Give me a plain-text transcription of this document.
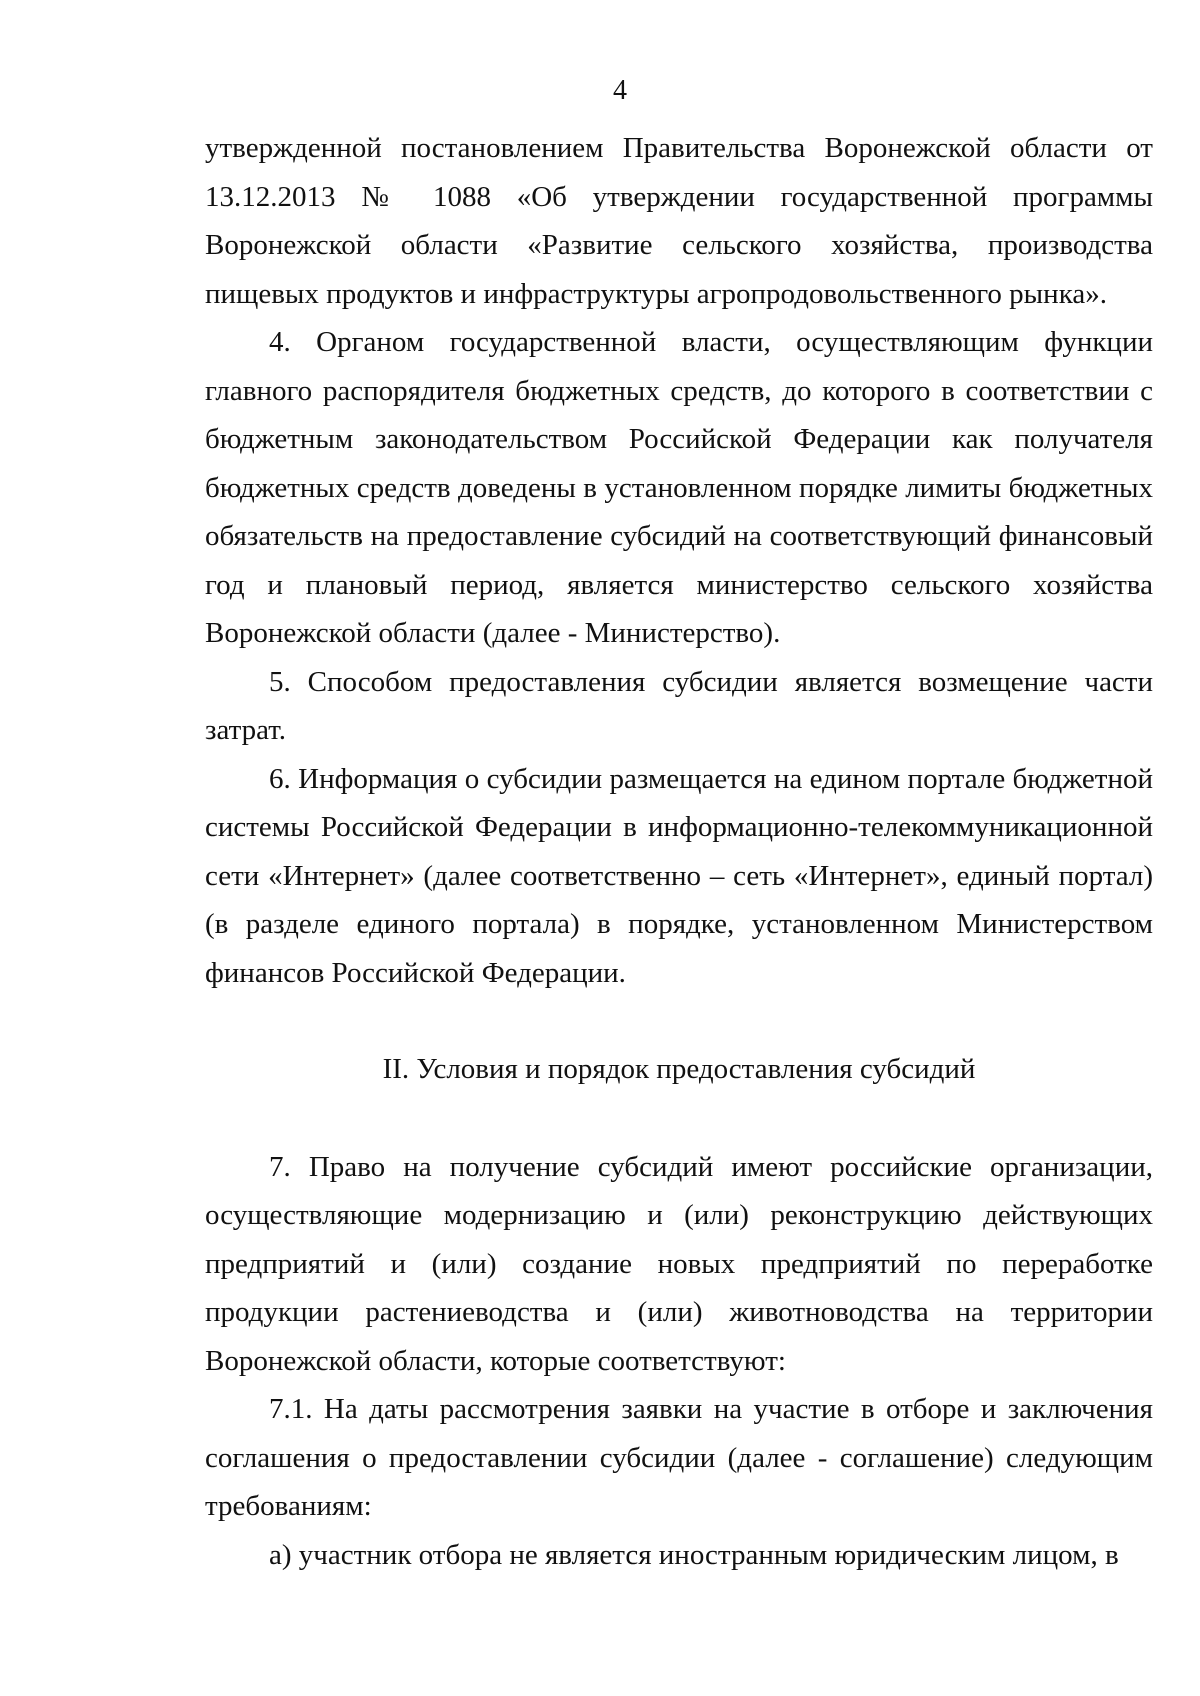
4

утвержденной постановлением Правительства Воронежской области от 13.12.2013 № 1088 «Об утверждении государственной программы Воронежской области «Развитие сельского хозяйства, производства пищевых продуктов и инфраструктуры агропродовольственного рынка».

4. Органом государственной власти, осуществляющим функции главного распорядителя бюджетных средств, до которого в соответствии с бюджетным законодательством Российской Федерации как получателя бюджетных средств доведены в установленном порядке лимиты бюджетных обязательств на предоставление субсидий на соответствующий финансовый год и плановый период, является министерство сельского хозяйства Воронежской области (далее - Министерство).

5. Способом предоставления субсидии является возмещение части затрат.

6. Информация о субсидии размещается на едином портале бюджетной системы Российской Федерации в информационно-телекоммуникационной сети «Интернет» (далее соответственно – сеть «Интернет», единый портал) (в разделе единого портала) в порядке, установленном Министерством финансов Российской Федерации.

II. Условия и порядок предоставления субсидий

7. Право на получение субсидий имеют российские организации, осуществляющие модернизацию и (или) реконструкцию действующих предприятий и (или) создание новых предприятий по переработке продукции растениеводства и (или) животноводства на территории Воронежской области, которые соответствуют:

7.1. На даты рассмотрения заявки на участие в отборе и заключения соглашения о предоставлении субсидии (далее - соглашение) следующим требованиям:

а) участник отбора не является иностранным юридическим лицом, в
